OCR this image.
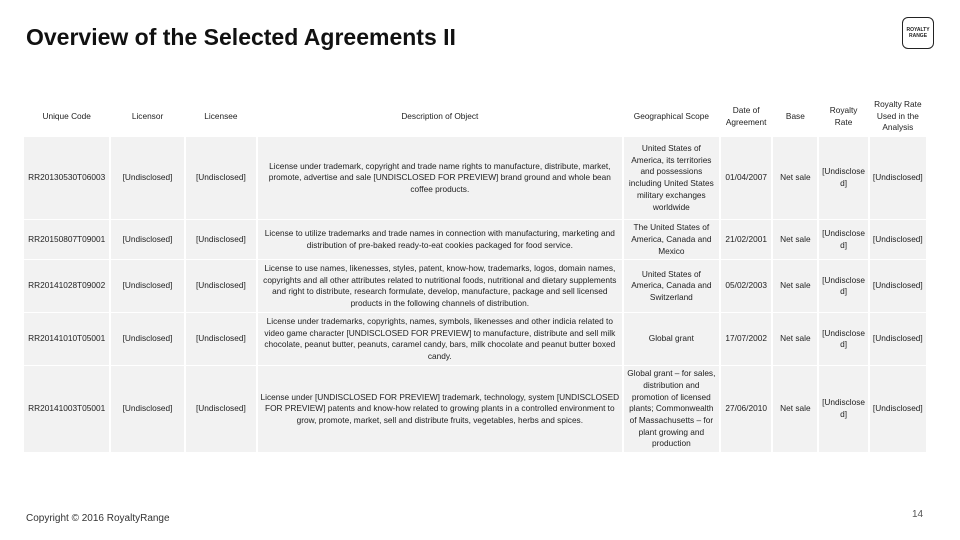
Overview of the Selected Agreements II	ROYALTY
RANGE
Unique Code	Licensor	Licensee	Description of Object	Geographical Scope	Date of Agreement	Base	Royalty Rate	Royalty Rate Used in the Analysis
RR20130530T06003	[Undisclosed]	[Undisclosed]	License under trademark, copyright and trade name rights to manufacture, distribute, market, promote, advertise and sale [UNDISCLOSED FOR PREVIEW] brand ground and whole bean coffee products.	United States of America, its territories and possessions including United States military exchanges worldwide	01/04/2007	Net sale	[Undisclosed]	[Undisclosed]
RR20150807T09001	[Undisclosed]	[Undisclosed]	License to utilize trademarks and trade names in connection with manufacturing, marketing and distribution of pre-baked ready-to-eat cookies packaged for food service.	The United States of America, Canada and Mexico	21/02/2001	Net sale	[Undisclosed]	[Undisclosed]
RR20141028T09002	[Undisclosed]	[Undisclosed]	License to use names, likenesses, styles, patent, know-how, trademarks, logos, domain names, copyrights and all other attributes related to nutritional foods, nutritional and dietary supplements and right to distribute, research formulate, develop, manufacture, package and sell licensed products in the following channels of distribution.	United States of America, Canada and Switzerland	05/02/2003	Net sale	[Undisclosed]	[Undisclosed]
RR20141010T05001	[Undisclosed]	[Undisclosed]	License under trademarks, copyrights, names, symbols, likenesses and other indicia related to video game character [UNDISCLOSED FOR PREVIEW] to manufacture, distribute and sell milk chocolate, peanut butter, peanuts, caramel candy, bars, milk chocolate and peanut butter boxed candy.	Global grant	17/07/2002	Net sale	[Undisclosed]	[Undisclosed]
RR20141003T05001	[Undisclosed]	[Undisclosed]	License under [UNDISCLOSED FOR PREVIEW] trademark, technology, system [UNDISCLOSED FOR PREVIEW] patents and know-how related to growing plants in a controlled environment to grow, promote, market, sell and distribute fruits, vegetables, herbs and spices.	Global grant – for sales, distribution and promotion of licensed plants; Commonwealth of Massachusetts – for plant growing and production	27/06/2010	Net sale	[Undisclosed]	[Undisclosed]
Copyright © 2016 RoyaltyRange	14
